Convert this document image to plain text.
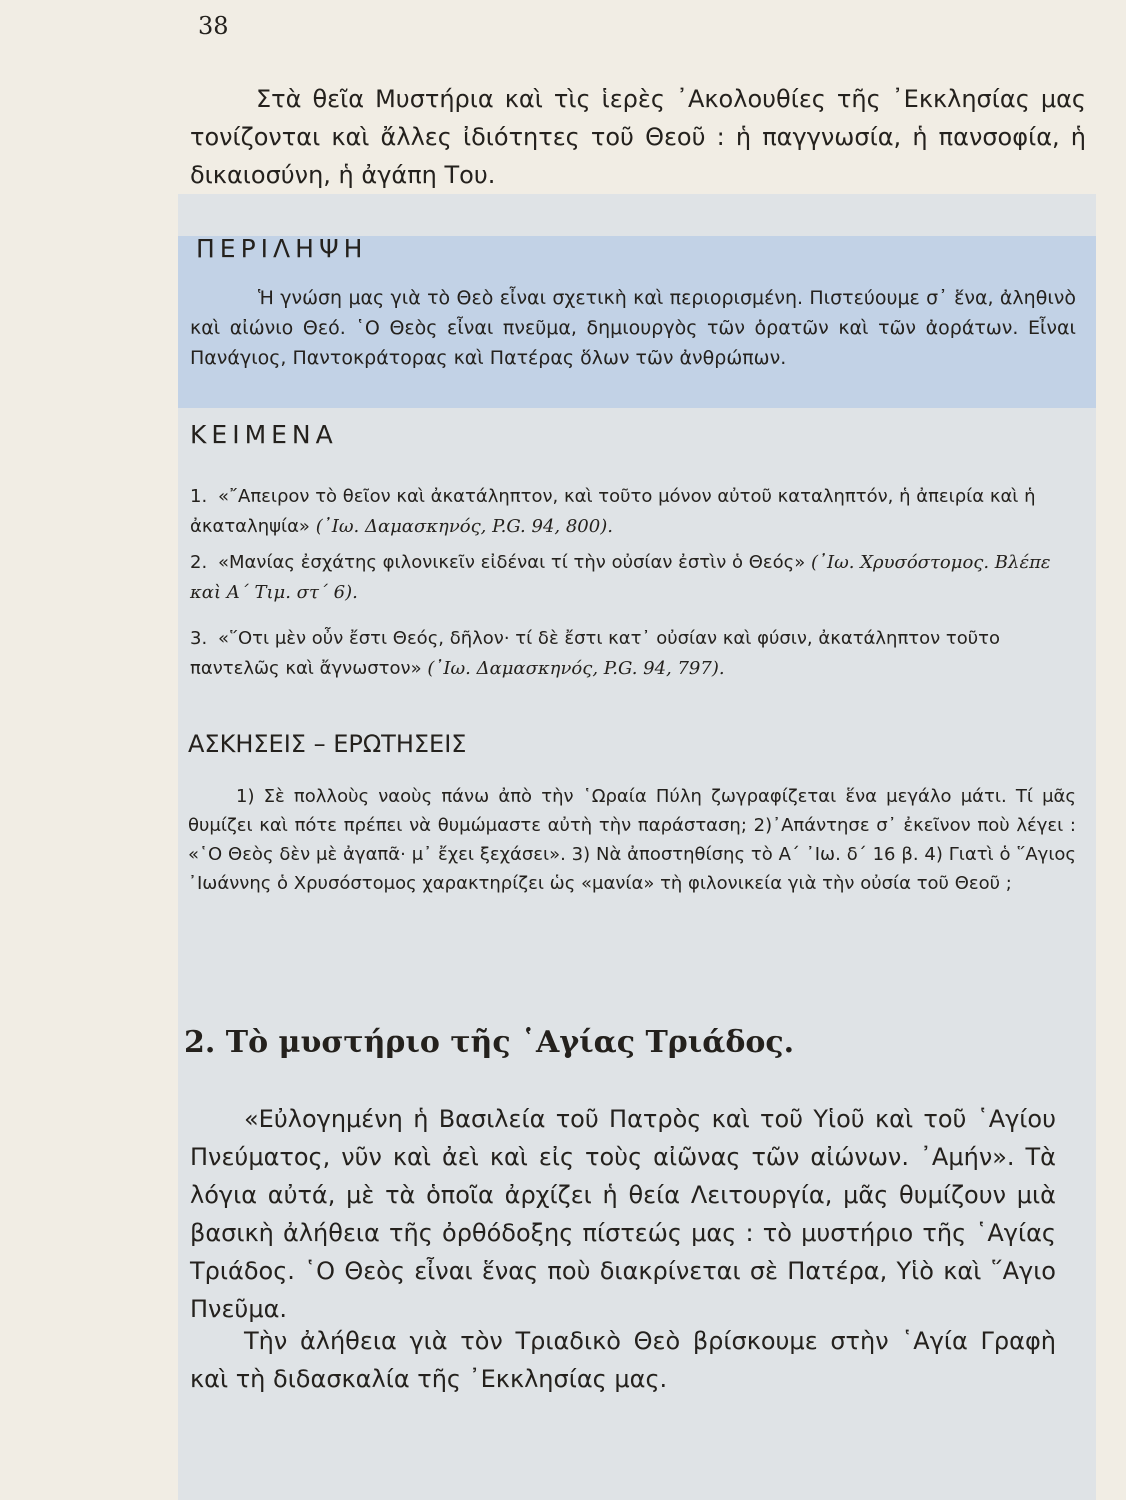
38

Στὰ θεῖα Μυστήρια καὶ τὶς ἱερὲς ᾿Ακολουθίες τῆς ᾿Εκκλησίας μας τονίζονται καὶ ἄλλες ἰδιότητες τοῦ Θεοῦ : ἡ παγγνωσία, ἡ πανσοφία, ἡ δικαιοσύνη, ἡ ἀγάπη Του.

ΠΕΡΙΛΗΨΗ

Ἡ γνώση μας γιὰ τὸ Θεὸ εἶναι σχετικὴ καὶ περιορισμένη. Πιστεύουμε σ᾿ ἕνα, ἀληθινὸ καὶ αἰώνιο Θεό. ῾Ο Θεὸς εἶναι πνεῦμα, δημιουργὸς τῶν ὁρατῶν καὶ τῶν ἀοράτων. Εἶναι Πανάγιος, Παντοκράτορας καὶ Πατέρας ὅλων τῶν ἀνθρώπων.

ΚΕΙΜΕΝΑ

1. «῎Απειρον τὸ θεῖον καὶ ἀκατάληπτον, καὶ τοῦτο μόνον αὐτοῦ καταληπτόν, ἡ ἀπειρία καὶ ἡ ἀκαταληψία» (᾿Ιω. Δαμασκηνός, P.G. 94, 800).

2. «Μανίας ἐσχάτης φιλονικεῖν εἰδέναι τί τὴν οὐσίαν ἐστὶν ὁ Θεός» (᾿Ιω. Χρυσόστομος. Βλέπε καὶ Α΄ Τιμ. στ΄ 6).

3. «῞Οτι μὲν οὖν ἔστι Θεός, δῆλον· τί δὲ ἔστι κατ᾿ οὐσίαν καὶ φύσιν, ἀκατάληπτον τοῦτο παντελῶς καὶ ἄγνωστον» (᾿Ιω. Δαμασκηνός, P.G. 94, 797).

ΑΣΚΗΣΕΙΣ – ΕΡΩΤΗΣΕΙΣ

1) Σὲ πολλοὺς ναοὺς πάνω ἀπὸ τὴν ῾Ωραία Πύλη ζωγραφίζεται ἕνα μεγάλο μάτι. Τί μᾶς θυμίζει καὶ πότε πρέπει νὰ θυμώμαστε αὐτὴ τὴν παράσταση; 2)᾿Απάντησε σ᾿ ἐκεῖνον ποὺ λέγει : «῾Ο Θεὸς δὲν μὲ ἀγαπᾶ· μ᾿ ἔχει ξεχάσει». 3) Νὰ ἀποστηθίσης τὸ Α΄ ᾿Ιω. δ΄ 16 β. 4) Γιατὶ ὁ ῞Αγιος ᾿Ιωάννης ὁ Χρυσόστομος χαρακτηρίζει ὡς «μανία» τὴ φιλονικεία γιὰ τὴν οὐσία τοῦ Θεοῦ ;

2. Τὸ μυστήριο τῆς ῾Αγίας Τριάδος.

«Εὐλογημένη ἡ Βασιλεία τοῦ Πατρὸς καὶ τοῦ Υἱοῦ καὶ τοῦ ῾Αγίου Πνεύματος, νῦν καὶ ἀεὶ καὶ εἰς τοὺς αἰῶνας τῶν αἰώνων. ᾿Αμήν». Τὰ λόγια αὐτά, μὲ τὰ ὁποῖα ἀρχίζει ἡ θεία Λειτουργία, μᾶς θυμίζουν μιὰ βασικὴ ἀλήθεια τῆς ὀρθόδοξης πίστεώς μας : τὸ μυστήριο τῆς ῾Αγίας Τριάδος. ῾Ο Θεὸς εἶναι ἕνας ποὺ διακρίνεται σὲ Πατέρα, Υἱὸ καὶ ῞Αγιο Πνεῦμα.

Τὴν ἀλήθεια γιὰ τὸν Τριαδικὸ Θεὸ βρίσκουμε στὴν ῾Αγία Γραφὴ καὶ τὴ διδασκαλία τῆς ᾿Εκκλησίας μας.
